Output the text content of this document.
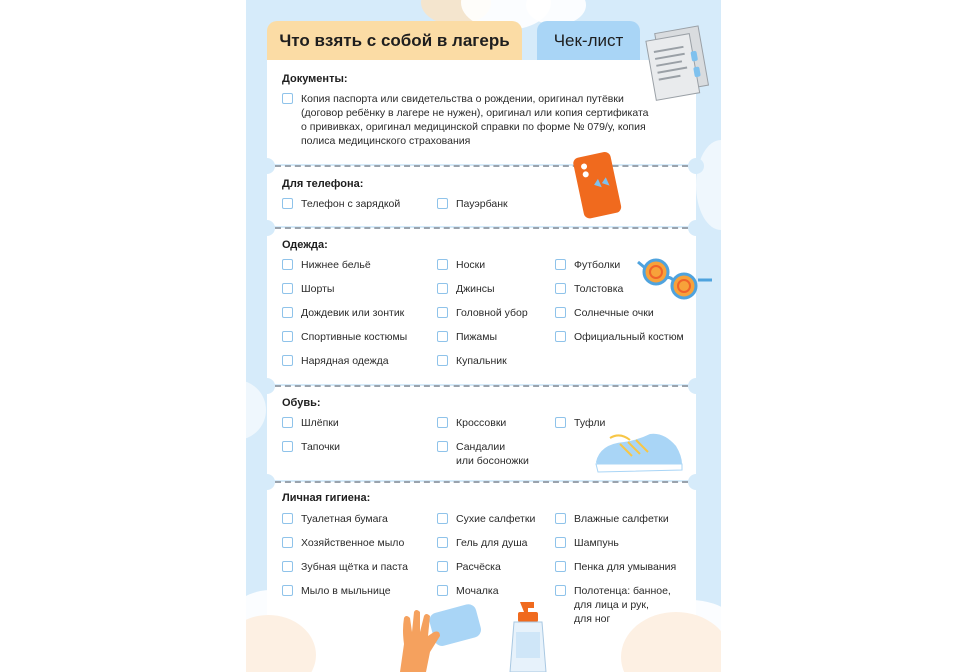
Что взять с собой в лагерь	Чек-лист
Документы:
Копия паспорта или свидетельства о рождении, оригинал путёвки
(договор ребёнку в лагере не нужен), оригинал или копия сертификата
о прививках, оригинал медицинской справки по форме № 079/у, копия
полиса медицинского страхования
Для телефона:
Телефон с зарядкой	Пауэрбанк
Одежда:
Нижнее бельё	Носки	Футболки
Шорты	Джинсы	Толстовка
Дождевик или зонтик	Головной убор	Солнечные очки
Спортивные костюмы	Пижамы	Официальный костюм
Нарядная одежда	Купальник
Обувь:
Шлёпки	Кроссовки	Туфли
Тапочки	Сандалии
или босоножки
Личная гигиена:
Туалетная бумага	Сухие салфетки	Влажные салфетки
Хозяйственное мыло	Гель для душа	Шампунь
Зубная щётка и паста	Расчёска	Пенка для умывания
Мыло в мыльнице	Мочалка	Полотенца: банное,
для лица и рук,
для ног
